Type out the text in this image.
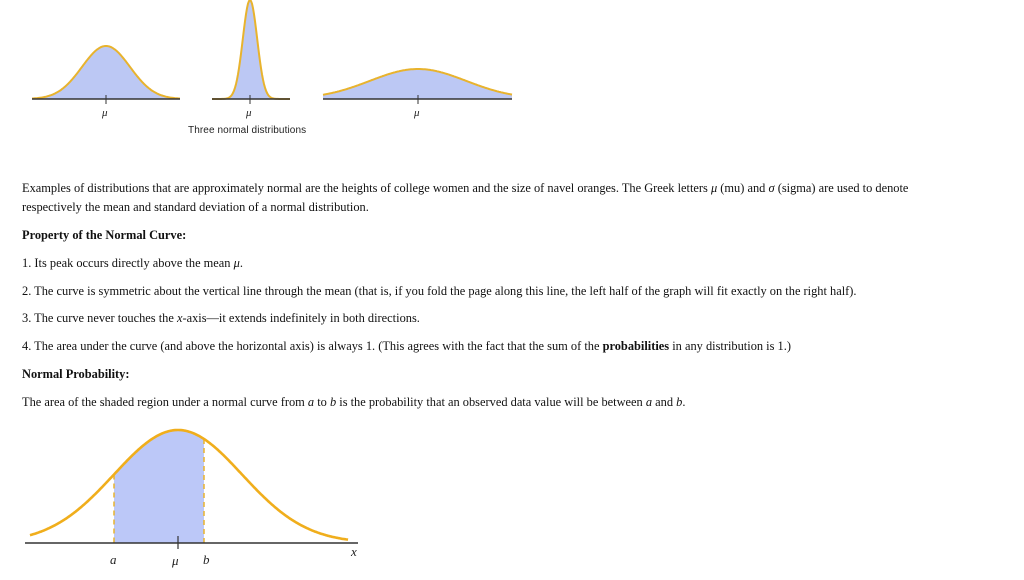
μ	μ	μ
Three normal distributions
Examples of distributions that are approximately normal are the heights of college women and the size of navel oranges. The Greek letters μ (mu) and σ (sigma) are used to denote
respectively the mean and standard deviation of a normal distribution.
Property of the Normal Curve:
1. Its peak occurs directly above the mean μ.
2. The curve is symmetric about the vertical line through the mean (that is, if you fold the page along this line, the left half of the graph will fit exactly on the right half).
3. The curve never touches the x-axis—it extends indefinitely in both directions.
4. The area under the curve (and above the horizontal axis) is always 1. (This agrees with the fact that the sum of the probabilities in any distribution is 1.)
Normal Probability:
The area of the shaded region under a normal curve from a to b is the probability that an observed data value will be between a and b.
a	μ b
x
